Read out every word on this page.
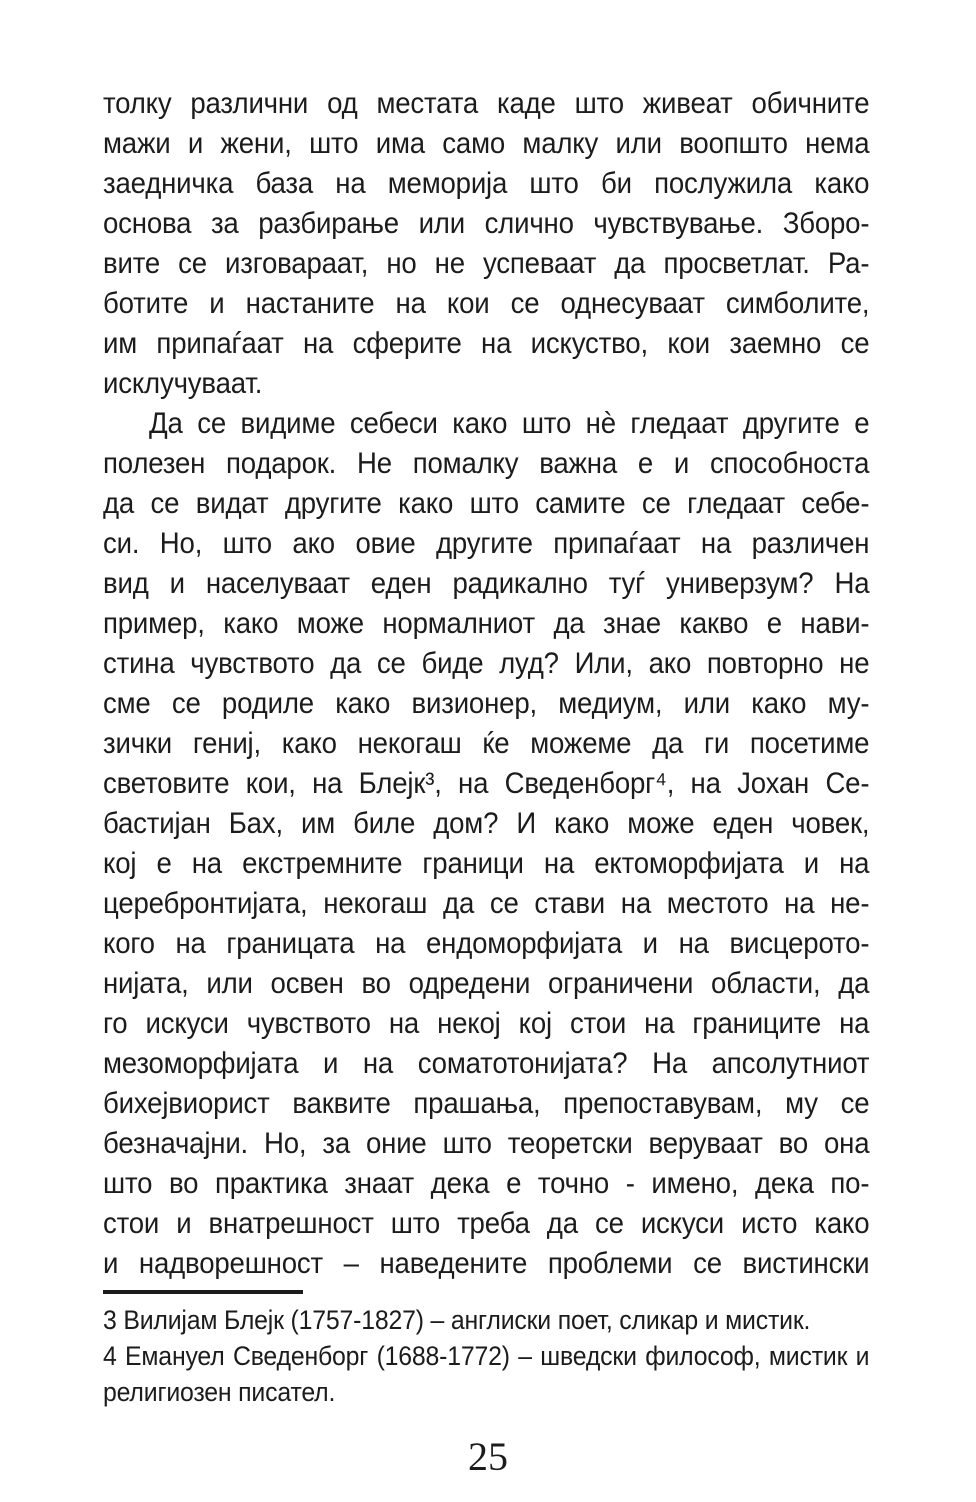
толку различни од местата каде што живеат обичните
мажи и жени, што има само малку или воопшто нема
заедничка база на меморија што би послужила како
основа за разбирање или слично чувствување. Зборо-
вите се изговараат, но не успеваат да просветлат. Ра-
ботите и настаните на кои се однесуваат симболите,
им припаѓаат на сферите на искуство, кои заемно се
исклучуваат.
Да се видиме себеси како што нѐ гледаат другите е
полезен подарок. Не помалку важна е и способноста
да се видат другите како што самите се гледаат себе-
си. Но, што ако овие другите припаѓаат на различен
вид и населуваат еден радикално туѓ универзум? На
пример, како може нормалниот да знае какво е нави-
стина чувството да се биде луд? Или, ако повторно не
сме се родиле како визионер, медиум, или како му-
зички гениј, како некогаш ќе можеме да ги посетиме
световите кои, на Блејк³, на Сведенборг⁴, на Јохан Се-
бастијан Бах, им биле дом? И како може еден човек,
кој е на екстремните граници на ектоморфијата и на
церебронтијата, некогаш да се стави на местото на не-
кого на границата на ендоморфијата и на висцерото-
нијата, или освен во одредени ограничени области, да
го искуси чувството на некој кој стои на границите на
мезоморфијата и на соматотонијата? На апсолутниот
бихејвиорист ваквите прашања, препоставувам, му се
безначајни. Но, за оние што теоретски веруваат во она
што во практика знаат дека е точно - имено, дека по-
стои и внатрешност што треба да се искуси исто како
и надворешност – наведените проблеми се вистински
3 Вилијам Блејк (1757-1827) – англиски поет, сликар и мистик.
4 Емануел Сведенборг (1688-1772) – шведски философ, мистик и
религиозен писател.
25
